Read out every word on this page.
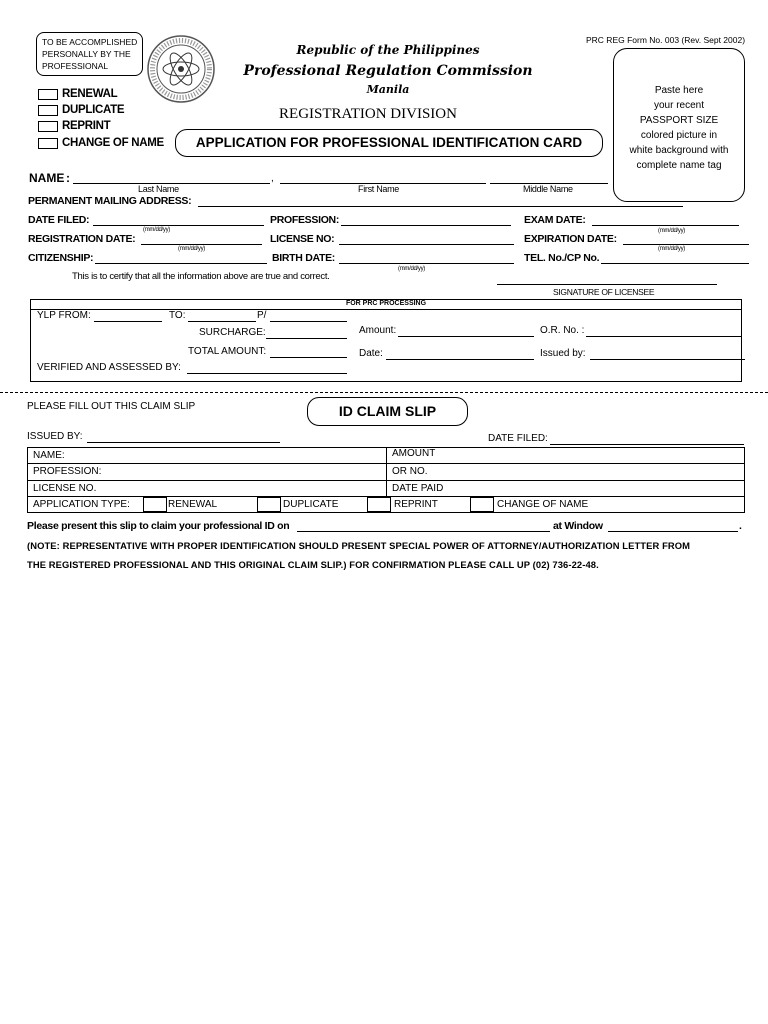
TO BE ACCOMPLISHED
PERSONALLY BY THE
PROFESSIONAL
Republic of the Philippines
Professional Regulation Commission
Manila
REGISTRATION DIVISION
PRC REG Form No. 003 (Rev. Sept 2002)
Paste here
your recent
PASSPORT SIZE
colored picture in
white background with
complete name tag
RENEWAL
DUPLICATE
REPRINT
CHANGE OF NAME	APPLICATION FOR PROFESSIONAL IDENTIFICATION CARD
NAME :	,
Last Name	First Name	Middle Name
PERMANENT MAILING ADDRESS:
DATE FILED:	PROFESSION:	EXAM DATE:
(mm/dd/yy)	(mm/dd/yy)
REGISTRATION DATE:	LICENSE NO:	EXPIRATION DATE:
(mm/dd/yy)	(mm/dd/yy)
CITIZENSHIP:	BIRTH DATE:	TEL. No./CP No.
(mm/dd/yy)
This is to certify that all the information above are true and correct.
SIGNATURE OF LICENSEE
FOR PRC PROCESSING
YLP FROM:	TO:	P/
SURCHARGE:	Amount:	O.R. No. :
TOTAL AMOUNT:	Date:	Issued by:
VERIFIED AND ASSESSED BY:
PLEASE FILL OUT THIS CLAIM SLIP	ID CLAIM SLIP
ISSUED BY:	DATE FILED:
NAME:	AMOUNT
PROFESSION:	OR NO.
LICENSE NO.	DATE PAID
APPLICATION TYPE:	RENEWAL	DUPLICATE	REPRINT	CHANGE OF NAME
Please present this slip to claim your professional ID on	at Window	.
(NOTE: REPRESENTATIVE WITH PROPER IDENTIFICATION SHOULD PRESENT SPECIAL POWER OF ATTORNEY/AUTHORIZATION LETTER FROM
THE REGISTERED PROFESSIONAL AND THIS ORIGINAL CLAIM SLIP.) FOR CONFIRMATION PLEASE CALL UP (02) 736-22-48.
